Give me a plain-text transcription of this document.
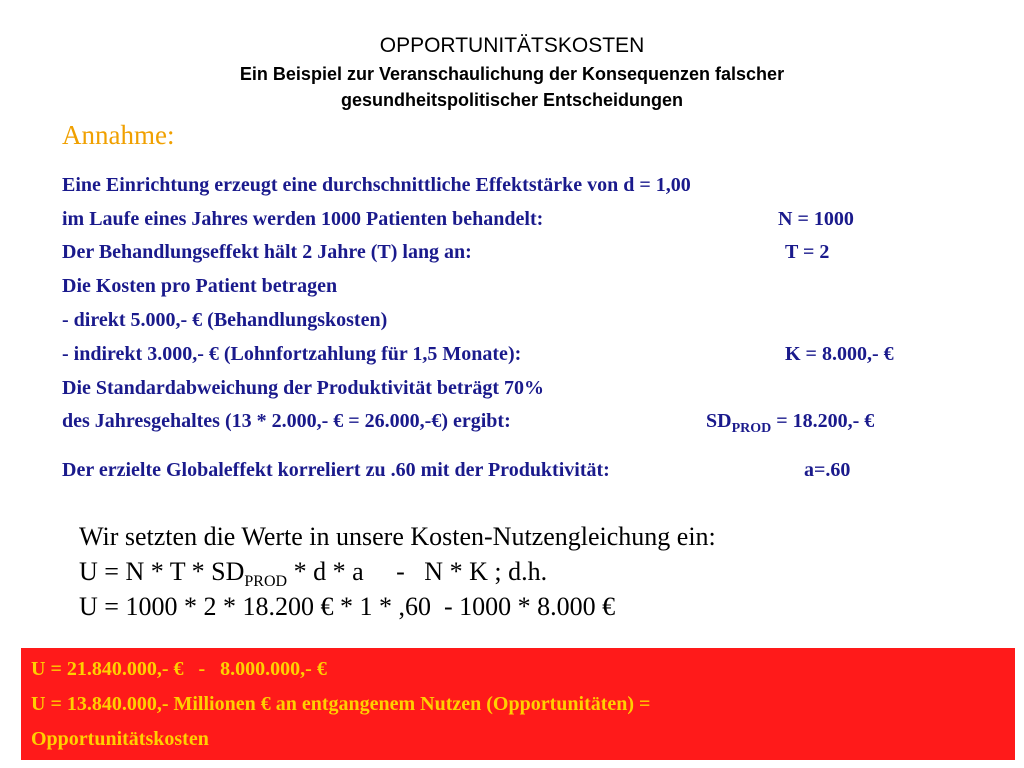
OPPORTUNITÄTSKOSTEN
Ein Beispiel zur Veranschaulichung der Konsequenzen falscher
gesundheitspolitischer Entscheidungen
Annahme:
Eine Einrichtung erzeugt eine durchschnittliche Effektstärke von d = 1,00
im Laufe eines Jahres werden 1000 Patienten behandelt:	N = 1000
Der Behandlungseffekt hält 2 Jahre (T) lang an:	T = 2
Die Kosten pro Patient betragen
- direkt 5.000,- € (Behandlungskosten)
- indirekt 3.000,- € (Lohnfortzahlung für 1,5 Monate):	K = 8.000,- €
Die Standardabweichung der Produktivität beträgt 70%
des Jahresgehaltes (13 * 2.000,- € = 26.000,-€) ergibt:	$SD_{PROD} = 18.200,-$ €
Der erzielte Globaleffekt korreliert zu .60 mit der Produktivität:	a=.60
Wir setzten die Werte in unsere Kosten-Nutzengleichung ein:
$U = N * T * SD_{PROD} * d * a$     -   N * K ; d.h.
U = 1000 * 2 * 18.200 € * 1 * ,60  - 1000 * 8.000 €
U = 21.840.000,- €   -   8.000.000,- €
U = 13.840.000,- Millionen € an entgangenem Nutzen (Opportunitäten) =
Opportunitätskosten
